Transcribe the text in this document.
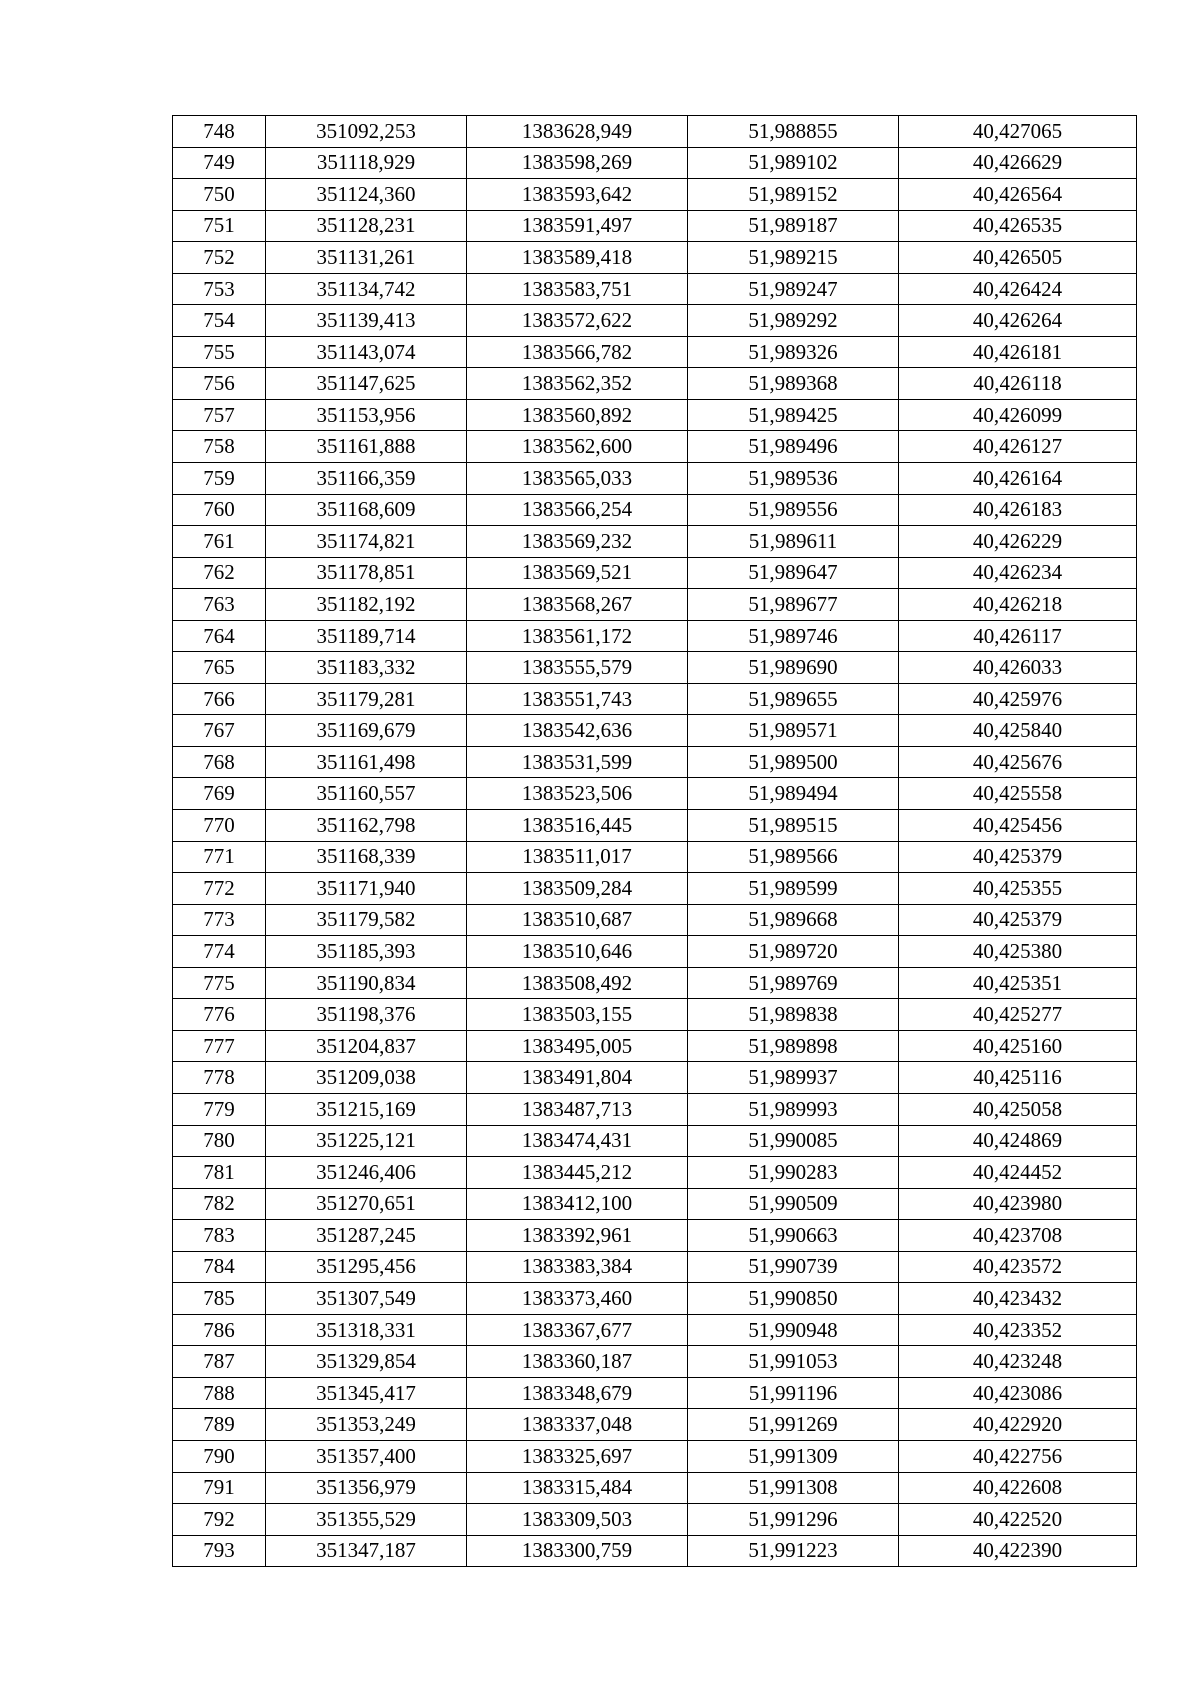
748	351092,253	1383628,949	51,988855	40,427065
749	351118,929	1383598,269	51,989102	40,426629
750	351124,360	1383593,642	51,989152	40,426564
751	351128,231	1383591,497	51,989187	40,426535
752	351131,261	1383589,418	51,989215	40,426505
753	351134,742	1383583,751	51,989247	40,426424
754	351139,413	1383572,622	51,989292	40,426264
755	351143,074	1383566,782	51,989326	40,426181
756	351147,625	1383562,352	51,989368	40,426118
757	351153,956	1383560,892	51,989425	40,426099
758	351161,888	1383562,600	51,989496	40,426127
759	351166,359	1383565,033	51,989536	40,426164
760	351168,609	1383566,254	51,989556	40,426183
761	351174,821	1383569,232	51,989611	40,426229
762	351178,851	1383569,521	51,989647	40,426234
763	351182,192	1383568,267	51,989677	40,426218
764	351189,714	1383561,172	51,989746	40,426117
765	351183,332	1383555,579	51,989690	40,426033
766	351179,281	1383551,743	51,989655	40,425976
767	351169,679	1383542,636	51,989571	40,425840
768	351161,498	1383531,599	51,989500	40,425676
769	351160,557	1383523,506	51,989494	40,425558
770	351162,798	1383516,445	51,989515	40,425456
771	351168,339	1383511,017	51,989566	40,425379
772	351171,940	1383509,284	51,989599	40,425355
773	351179,582	1383510,687	51,989668	40,425379
774	351185,393	1383510,646	51,989720	40,425380
775	351190,834	1383508,492	51,989769	40,425351
776	351198,376	1383503,155	51,989838	40,425277
777	351204,837	1383495,005	51,989898	40,425160
778	351209,038	1383491,804	51,989937	40,425116
779	351215,169	1383487,713	51,989993	40,425058
780	351225,121	1383474,431	51,990085	40,424869
781	351246,406	1383445,212	51,990283	40,424452
782	351270,651	1383412,100	51,990509	40,423980
783	351287,245	1383392,961	51,990663	40,423708
784	351295,456	1383383,384	51,990739	40,423572
785	351307,549	1383373,460	51,990850	40,423432
786	351318,331	1383367,677	51,990948	40,423352
787	351329,854	1383360,187	51,991053	40,423248
788	351345,417	1383348,679	51,991196	40,423086
789	351353,249	1383337,048	51,991269	40,422920
790	351357,400	1383325,697	51,991309	40,422756
791	351356,979	1383315,484	51,991308	40,422608
792	351355,529	1383309,503	51,991296	40,422520
793	351347,187	1383300,759	51,991223	40,422390
